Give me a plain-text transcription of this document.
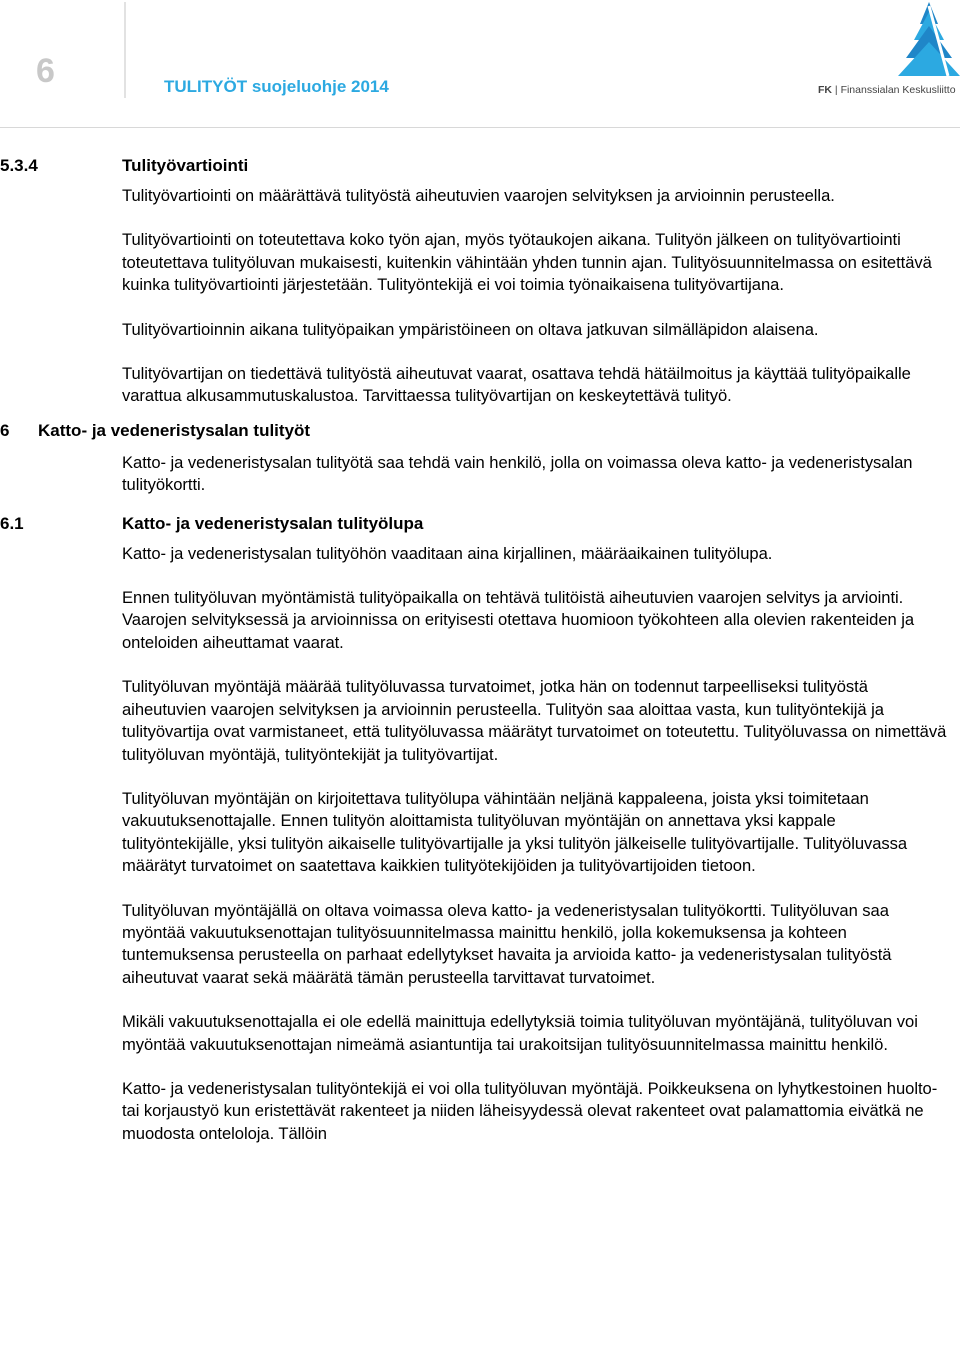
6	TULITYÖT suojeluohje 2014	FK | Finanssialan Keskusliitto
5.3.4	Tulityövartiointi

Tulityövartiointi on määrättävä tulityöstä aiheutuvien vaarojen selvityksen ja arvioinnin perusteella.

Tulityövartiointi on toteutettava koko työn ajan, myös työtaukojen aikana. Tulityön jälkeen on tulityövartiointi toteutettava tulityöluvan mukaisesti, kuitenkin vähintään yhden tunnin ajan. Tulityösuunnitelmassa on esitettävä kuinka tulityövartiointi järjestetään. Tulityöntekijä ei voi toimia työnaikaisena tulityövartijana.

Tulityövartioinnin aikana tulityöpaikan ympäristöineen on oltava jatkuvan silmälläpidon alaisena.

Tulityövartijan on tiedettävä tulityöstä aiheutuvat vaarat, osattava tehdä hätäilmoitus ja käyttää tulityöpaikalle varattua alkusammutuskalustoa. Tarvittaessa tulityövartijan on keskeytettävä tulityö.

6 Katto- ja vedeneristysalan tulityöt

Katto- ja vedeneristysalan tulityötä saa tehdä vain henkilö, jolla on voimassa oleva katto- ja vedeneristysalan tulityökortti.

6.1	Katto- ja vedeneristysalan tulityölupa

Katto- ja vedeneristysalan tulityöhön vaaditaan aina kirjallinen, määräaikainen tulityölupa.

Ennen tulityöluvan myöntämistä tulityöpaikalla on tehtävä tulitöistä aiheutuvien vaarojen selvitys ja arviointi. Vaarojen selvityksessä ja arvioinnissa on erityisesti otettava huomioon työkohteen alla olevien rakenteiden ja onteloiden aiheuttamat vaarat.

Tulityöluvan myöntäjä määrää tulityöluvassa turvatoimet, jotka hän on todennut tarpeelliseksi tulityöstä aiheutuvien vaarojen selvityksen ja arvioinnin perusteella. Tulityön saa aloittaa vasta, kun tulityöntekijä ja tulityövartija ovat varmistaneet, että tulityöluvassa määrätyt turvatoimet on toteutettu. Tulityöluvassa on nimettävä tulityöluvan myöntäjä, tulityöntekijät ja tulityövartijat.

Tulityöluvan myöntäjän on kirjoitettava tulityölupa vähintään neljänä kappaleena, joista yksi toimitetaan vakuutuksenottajalle. Ennen tulityön aloittamista tulityöluvan myöntäjän on annettava yksi kappale tulityöntekijälle, yksi tulityön aikaiselle tulityövartijalle ja yksi tulityön jälkeiselle tulityövartijalle. Tulityöluvassa määrätyt turvatoimet on saatettava kaikkien tulityötekijöiden ja tulityövartijoiden tietoon.

Tulityöluvan myöntäjällä on oltava voimassa oleva katto- ja vedeneristysalan tulityökortti. Tulityöluvan saa myöntää vakuutuksenottajan tulityösuunnitelmassa mainittu henkilö, jolla kokemuksensa ja kohteen tuntemuksensa perusteella on parhaat edellytykset havaita ja arvioida katto- ja vedeneristysalan tulityöstä aiheutuvat vaarat sekä määrätä tämän perusteella tarvittavat turvatoimet.

Mikäli vakuutuksenottajalla ei ole edellä mainittuja edellytyksiä toimia tulityöluvan myöntäjänä, tulityöluvan voi myöntää vakuutuksenottajan nimeämä asiantuntija tai urakoitsijan tulityösuunnitelmassa mainittu henkilö.

Katto- ja vedeneristysalan tulityöntekijä ei voi olla tulityöluvan myöntäjä. Poikkeuksena on lyhytkestoinen huolto- tai korjaustyö kun eristettävät rakenteet ja niiden läheisyydessä olevat rakenteet ovat palamattomia eivätkä ne muodosta onteloloja. Tällöin
